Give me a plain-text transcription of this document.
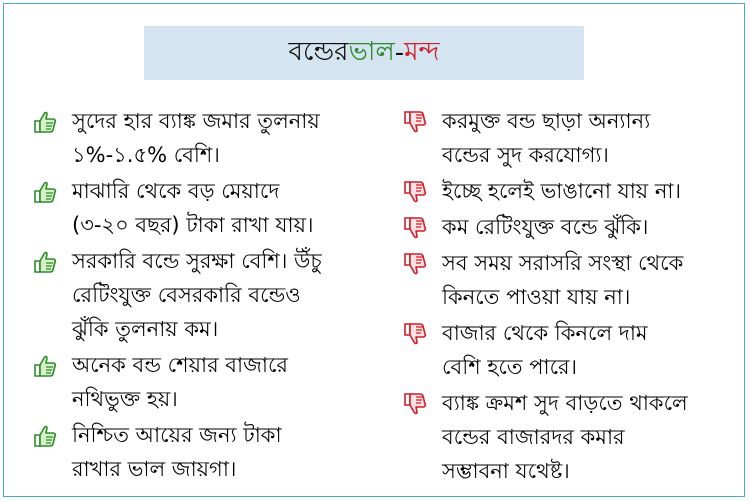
বন্ডের ভাল - মন্দ
সুদের হার ব্যাঙ্ক জমার তুলনায়
১%-১.৫% বেশি।
মাঝারি থেকে বড় মেয়াদে
(৩-২০ বছর) টাকা রাখা যায়।
সরকারি বন্ডে সুরক্ষা বেশি। উঁচু
রেটিংযুক্ত বেসরকারি বন্ডেও
ঝুঁকি তুলনায় কম।
অনেক বন্ড শেয়ার বাজারে
নথিভুক্ত হয়।
নিশ্চিত আয়ের জন্য টাকা
রাখার ভাল জায়গা।
করমুক্ত বন্ড ছাড়া অন্যান্য
বন্ডের সুদ করযোগ্য।
ইচ্ছে হলেই ভাঙানো যায় না।
কম রেটিংযুক্ত বন্ডে ঝুঁকি।
সব সময় সরাসরি সংস্থা থেকে
কিনতে পাওয়া যায় না।
বাজার থেকে কিনলে দাম
বেশি হতে পারে।
ব্যাঙ্ক ক্রমশ সুদ বাড়তে থাকলে
বন্ডের বাজারদর কমার
সম্ভাবনা যথেষ্ট।
